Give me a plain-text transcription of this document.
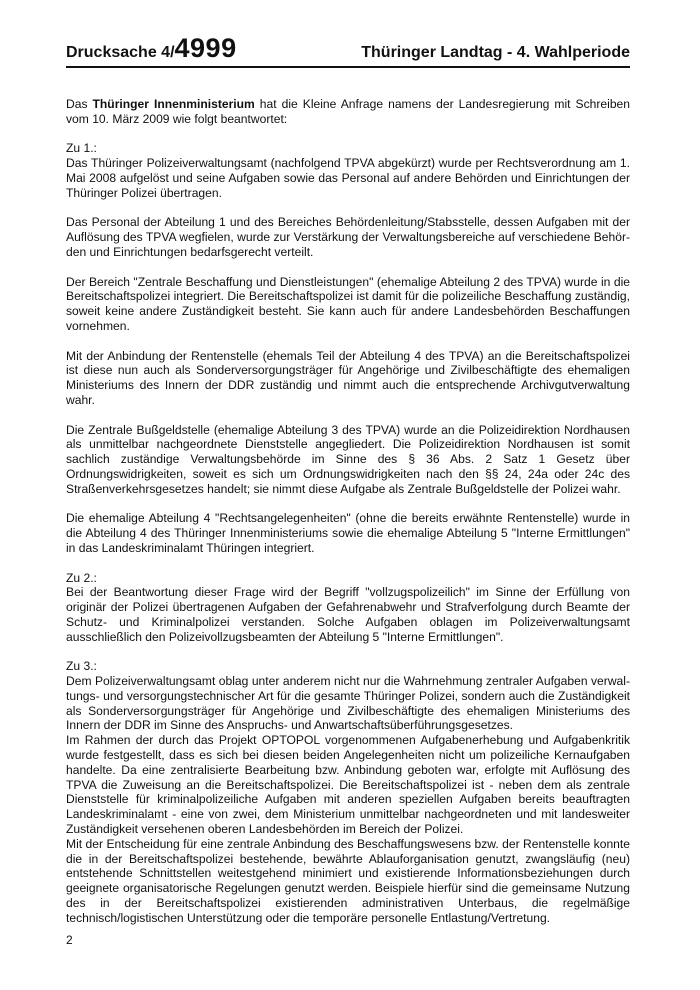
Drucksache 4/4999	Thüringer Landtag - 4. Wahlperiode

Das Thüringer Innenministerium hat die Kleine Anfrage namens der Landesregierung mit Schreiben vom 10. März 2009 wie folgt beantwortet:

Zu 1.:

Das Thüringer Polizeiverwaltungsamt (nachfolgend TPVA abgekürzt) wurde per Rechtsverordnung am 1. Mai 2008 aufgelöst und seine Aufgaben sowie das Personal auf andere Behörden und Einrichtungen der Thüringer Polizei übertragen.

Das Personal der Abteilung 1 und des Bereiches Behördenleitung/Stabsstelle, dessen Aufgaben mit der Auflösung des TPVA wegfielen, wurde zur Verstärkung der Verwaltungsbereiche auf verschiedene Behörden und Einrichtungen bedarfsgerecht verteilt.

Der Bereich "Zentrale Beschaffung und Dienstleistungen" (ehemalige Abteilung 2 des TPVA) wurde in die Bereitschaftspolizei integriert. Die Bereitschaftspolizei ist damit für die polizeiliche Beschaffung zuständig, soweit keine andere Zuständigkeit besteht. Sie kann auch für andere Landesbehörden Beschaffungen vornehmen.

Mit der Anbindung der Rentenstelle (ehemals Teil der Abteilung 4 des TPVA) an die Bereitschaftspolizei ist diese nun auch als Sonderversorgungsträger für Angehörige und Zivilbeschäftigte des ehemaligen Ministeriums des Innern der DDR zuständig und nimmt auch die entsprechende Archivgutverwaltung wahr.

Die Zentrale Bußgeldstelle (ehemalige Abteilung 3 des TPVA) wurde an die Polizeidirektion Nordhausen als unmittelbar nachgeordnete Dienststelle angegliedert. Die Polizeidirektion Nordhausen ist somit sachlich zuständige Verwaltungsbehörde im Sinne des § 36 Abs. 2 Satz 1 Gesetz über Ordnungswidrigkeiten, soweit es sich um Ordnungswidrigkeiten nach den §§ 24, 24a oder 24c des Straßenverkehrsgesetzes handelt; sie nimmt diese Aufgabe als Zentrale Bußgeldstelle der Polizei wahr.

Die ehemalige Abteilung 4 "Rechtsangelegenheiten" (ohne die bereits erwähnte Rentenstelle) wurde in die Abteilung 4 des Thüringer Innenministeriums sowie die ehemalige Abteilung 5 "Interne Ermittlungen" in das Landeskriminalamt Thüringen integriert.

Zu 2.:

Bei der Beantwortung dieser Frage wird der Begriff "vollzugspolizeilich" im Sinne der Erfüllung von originär der Polizei übertragenen Aufgaben der Gefahrenabwehr und Strafverfolgung durch Beamte der Schutz- und Kriminalpolizei verstanden. Solche Aufgaben oblagen im Polizeiverwaltungsamt ausschließlich den Polizeivollzugsbeamten der Abteilung 5 "Interne Ermittlungen".

Zu 3.:

Dem Polizeiverwaltungsamt oblag unter anderem nicht nur die Wahrnehmung zentraler Aufgaben verwaltungs- und versorgungstechnischer Art für die gesamte Thüringer Polizei, sondern auch die Zuständigkeit als Sonderversorgungsträger für Angehörige und Zivilbeschäftigte des ehemaligen Ministeriums des Innern der DDR im Sinne des Anspruchs- und Anwartschaftsüberführungsgesetzes.

Im Rahmen der durch das Projekt OPTOPOL vorgenommenen Aufgabenerhebung und Aufgabenkritik wurde festgestellt, dass es sich bei diesen beiden Angelegenheiten nicht um polizeiliche Kernaufgaben handelte. Da eine zentralisierte Bearbeitung bzw. Anbindung geboten war, erfolgte mit Auflösung des TPVA die Zuweisung an die Bereitschaftspolizei. Die Bereitschaftspolizei ist - neben dem als zentrale Dienststelle für kriminalpolizeiliche Aufgaben mit anderen speziellen Aufgaben bereits beauftragten Landeskriminalamt - eine von zwei, dem Ministerium unmittelbar nachgeordneten und mit landesweiter Zuständigkeit versehenen oberen Landesbehörden im Bereich der Polizei.

Mit der Entscheidung für eine zentrale Anbindung des Beschaffungswesens bzw. der Rentenstelle konnte die in der Bereitschaftspolizei bestehende, bewährte Ablauforganisation genutzt, zwangsläufig (neu) entstehende Schnittstellen weitestgehend minimiert und existierende Informationsbeziehungen durch geeignete organisatorische Regelungen genutzt werden. Beispiele hierfür sind die gemeinsame Nutzung des in der Bereitschaftspolizei existierenden administrativen Unterbaus, die regelmäßige technisch/logistischen Unterstützung oder die temporäre personelle Entlastung/Vertretung.

2
